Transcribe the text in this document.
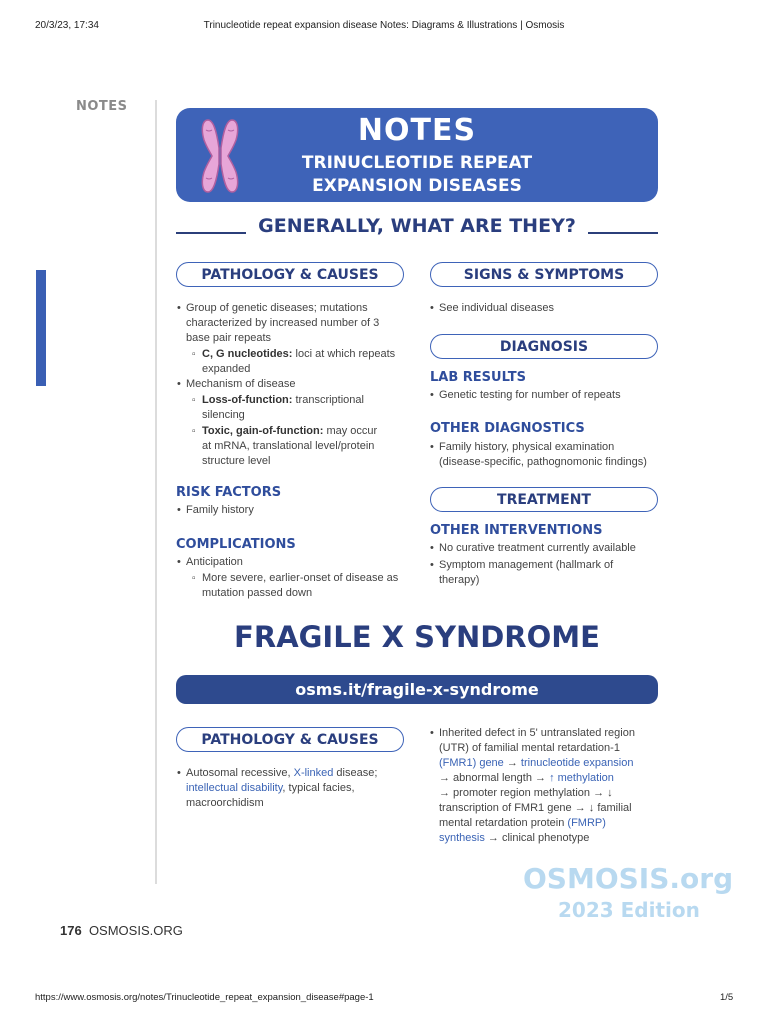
20/3/23, 17:34	Trinucleotide repeat expansion disease Notes: Diagrams & Illustrations | Osmosis
NOTES
NOTES
TRINUCLEOTIDE REPEAT
EXPANSION DISEASES
GENERALLY, WHAT ARE THEY?
PATHOLOGY & CAUSES
• Group of genetic diseases; mutations
characterized by increased number of 3
base pair repeats
▫ C, G nucleotides: loci at which repeats
expanded
• Mechanism of disease
▫ Loss-of-function: transcriptional
silencing
▫ Toxic, gain-of-function: may occur
at mRNA, translational level/protein
structure level
RISK FACTORS
• Family history
COMPLICATIONS
• Anticipation
▫ More severe, earlier-onset of disease as
mutation passed down
SIGNS & SYMPTOMS
• See individual diseases
DIAGNOSIS
LAB RESULTS
• Genetic testing for number of repeats
OTHER DIAGNOSTICS
• Family history, physical examination
(disease-specific, pathognomonic findings)
TREATMENT
OTHER INTERVENTIONS
• No curative treatment currently available
• Symptom management (hallmark of
therapy)
FRAGILE X SYNDROME
osms.it/fragile-x-syndrome
PATHOLOGY & CAUSES
• Autosomal recessive, X-linked disease;
intellectual disability, typical facies,
macroorchidism
• Inherited defect in 5' untranslated region
(UTR) of familial mental retardation-1
(FMR1) gene → trinucleotide expansion
→ abnormal length → ↑ methylation
→ promoter region methylation → ↓
transcription of FMR1 gene → ↓ familial
mental retardation protein (FMRP)
synthesis → clinical phenotype
OSMOSIS.org
2023 Edition
176 OSMOSIS.ORG
https://www.osmosis.org/notes/Trinucleotide_repeat_expansion_disease#page-1	1/5
